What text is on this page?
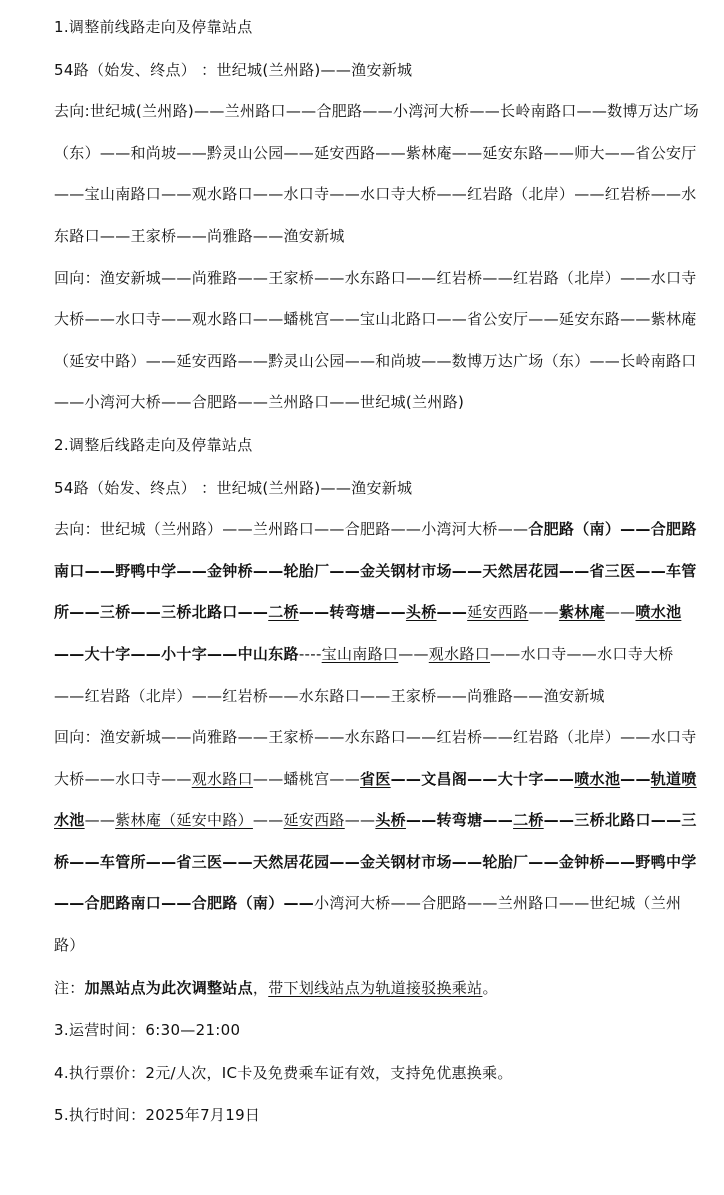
1.调整前线路走向及停靠站点

54路（始发、终点） ：世纪城(兰州路)——渔安新城

去向:世纪城(兰州路)——兰州路口——合肥路——小湾河大桥——长岭南路口——数博万达广场（东）——和尚坡——黔灵山公园——延安西路——紫林庵——延安东路——师大——省公安厅——宝山南路口——观水路口——水口寺——水口寺大桥——红岩路（北岸）——红岩桥——水东路口——王家桥——尚雅路——渔安新城

回向：渔安新城——尚雅路——王家桥——水东路口——红岩桥——红岩路（北岸）——水口寺大桥——水口寺——观水路口——蟠桃宫——宝山北路口——省公安厅——延安东路——紫林庵（延安中路）——延安西路——黔灵山公园——和尚坡——数博万达广场（东）——长岭南路口——小湾河大桥——合肥路——兰州路口——世纪城(兰州路)

2.调整后线路走向及停靠站点

54路（始发、终点） ：世纪城(兰州路)——渔安新城

去向：世纪城（兰州路）——兰州路口——合肥路——小湾河大桥——合肥路（南）——合肥路南口——野鸭中学——金钟桥——轮胎厂——金关钢材市场——天然居花园——省三医——车管所——三桥——三桥北路口——二桥——转弯塘——头桥——延安西路——紫林庵——喷水池——大十字——小十字——中山东路----宝山南路口——观水路口——水口寺——水口寺大桥——红岩路（北岸）——红岩桥——水东路口——王家桥——尚雅路——渔安新城

回向：渔安新城——尚雅路——王家桥——水东路口——红岩桥——红岩路（北岸）——水口寺大桥——水口寺——观水路口——蟠桃宫——省医——文昌阁——大十字——喷水池——轨道喷水池——紫林庵（延安中路）——延安西路——头桥——转弯塘——二桥——三桥北路口——三桥——车管所——省三医——天然居花园——金关钢材市场——轮胎厂——金钟桥——野鸭中学——合肥路南口——合肥路（南）——小湾河大桥——合肥路——兰州路口——世纪城（兰州路）

注：加黑站点为此次调整站点，带下划线站点为轨道接驳换乘站。

3.运营时间：6:30—21:00

4.执行票价：2元/人次，IC卡及免费乘车证有效，支持免优惠换乘。

5.执行时间：2025年7月19日
